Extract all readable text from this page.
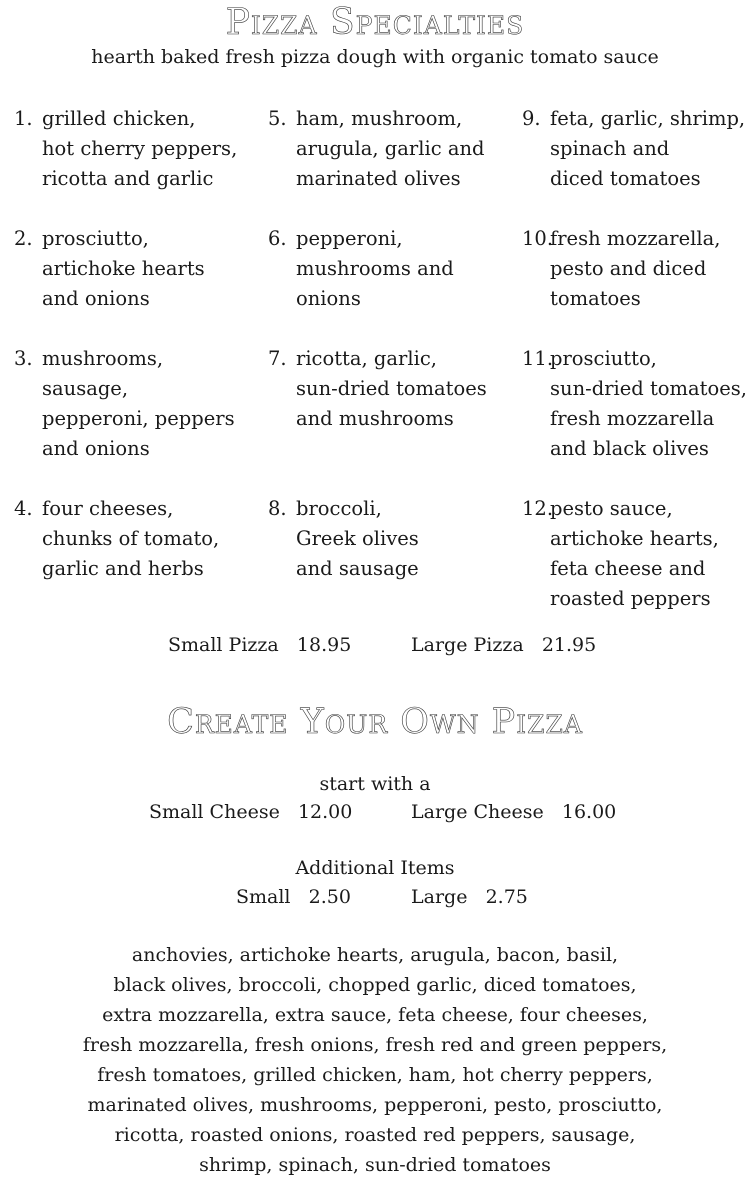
Pizza Specialties
hearth baked fresh pizza dough with organic tomato sauce
1. grilled chicken,
hot cherry peppers,
ricotta and garlic
2. prosciutto,
artichoke hearts
and onions
3. mushrooms,
sausage,
pepperoni, peppers
and onions
4. four cheeses,
chunks of tomato,
garlic and herbs
5. ham, mushroom,
arugula, garlic and
marinated olives
6. pepperoni,
mushrooms and
onions
7. ricotta, garlic,
sun-dried tomatoes
and mushrooms
8. broccoli,
Greek olives
and sausage
9. feta, garlic, shrimp,
spinach and
diced tomatoes
10.
fresh mozzarella,
pesto and diced
tomatoes
11.
prosciutto,
sun-dried tomatoes,
fresh mozzarella
and black olives
12.
pesto sauce,
artichoke hearts,
feta cheese and
roasted peppers
Small Pizza 18.95	Large Pizza 21.95
Create Your Own Pizza
start with a
Small Cheese 12.00	Large Cheese 16.00
Additional Items
Small 2.50	Large 2.75
anchovies, artichoke hearts, arugula, bacon, basil,
black olives, broccoli, chopped garlic, diced tomatoes,
extra mozzarella, extra sauce, feta cheese, four cheeses,
fresh mozzarella, fresh onions, fresh red and green peppers,
fresh tomatoes, grilled chicken, ham, hot cherry peppers,
marinated olives, mushrooms, pepperoni, pesto, prosciutto,
ricotta, roasted onions, roasted red peppers, sausage,
shrimp, spinach, sun-dried tomatoes
